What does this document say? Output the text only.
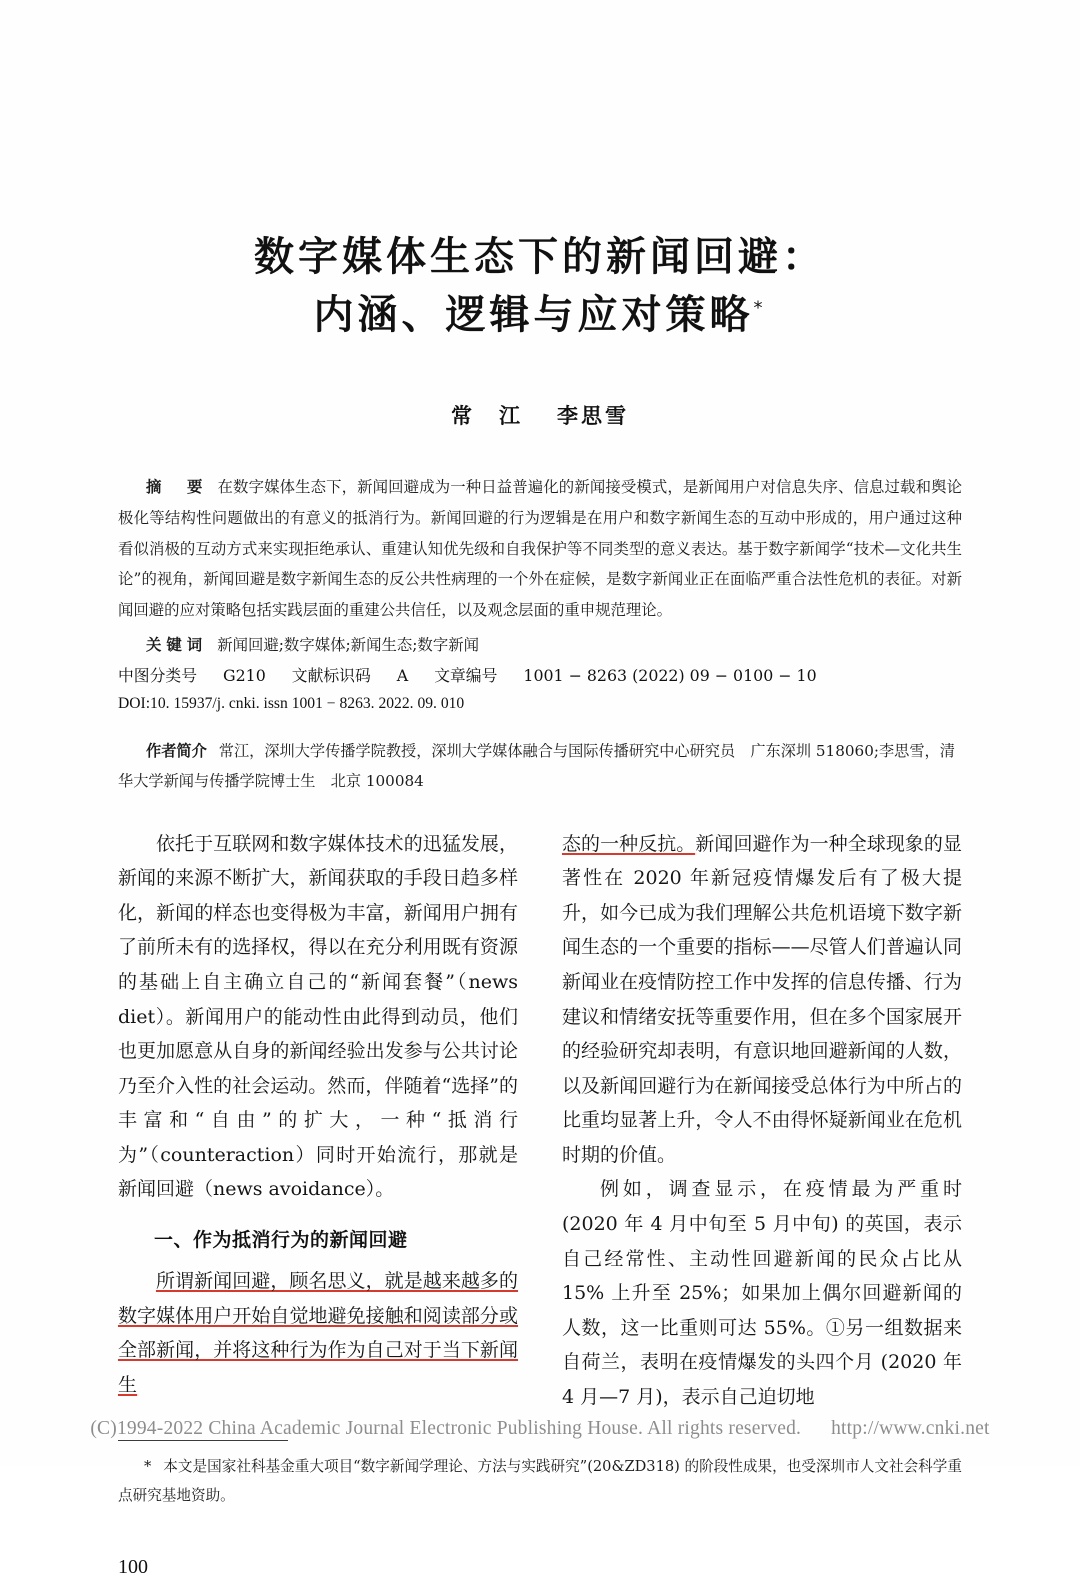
数字媒体生态下的新闻回避：
内涵、逻辑与应对策略*
常　江 李思雪
摘　要 在数字媒体生态下，新闻回避成为一种日益普遍化的新闻接受模式，是新闻用户对信息失序、信息过载和舆论极化等结构性问题做出的有意义的抵消行为。新闻回避的行为逻辑是在用户和数字新闻生态的互动中形成的，用户通过这种看似消极的互动方式来实现拒绝承认、重建认知优先级和自我保护等不同类型的意义表达。基于数字新闻学“技术—文化共生论”的视角，新闻回避是数字新闻生态的反公共性病理的一个外在症候，是数字新闻业正在面临严重合法性危机的表征。对新闻回避的应对策略包括实践层面的重建公共信任，以及观念层面的重申规范理论。
关键词 新闻回避;数字媒体;新闻生态;数字新闻
中图分类号 G210 文献标识码 A 文章编号 1001 − 8263 (2022) 09 − 0100 − 10
DOI:10. 15937/j. cnki. issn 1001 − 8263. 2022. 09. 010
作者简介 常江，深圳大学传播学院教授，深圳大学媒体融合与国际传播研究中心研究员　广东深圳 518060;李思雪，清华大学新闻与传播学院博士生　北京 100084

依托于互联网和数字媒体技术的迅猛发展，新闻的来源不断扩大，新闻获取的手段日趋多样化，新闻的样态也变得极为丰富，新闻用户拥有了前所未有的选择权，得以在充分利用既有资源的基础上自主确立自己的“新闻套餐”（news diet）。新闻用户的能动性由此得到动员，他们也更加愿意从自身的新闻经验出发参与公共讨论乃至介入性的社会运动。然而，伴随着“选择”的丰富和“自由”的扩大，一种“抵消行为”（counteraction）同时开始流行，那就是新闻回避（news avoidance）。

一、作为抵消行为的新闻回避

所谓新闻回避，顾名思义，就是越来越多的数字媒体用户开始自觉地避免接触和阅读部分或全部新闻，并将这种行为作为自己对于当下新闻生

态的一种反抗。新闻回避作为一种全球现象的显著性在 2020 年新冠疫情爆发后有了极大提升，如今已成为我们理解公共危机语境下数字新闻生态的一个重要的指标——尽管人们普遍认同新闻业在疫情防控工作中发挥的信息传播、行为建议和情绪安抚等重要作用，但在多个国家展开的经验研究却表明，有意识地回避新闻的人数，以及新闻回避行为在新闻接受总体行为中所占的比重均显著上升，令人不由得怀疑新闻业在危机时期的价值。

例如，调查显示，在疫情最为严重时 (2020 年 4 月中旬至 5 月中旬) 的英国，表示自己经常性、主动性回避新闻的民众占比从 15% 上升至 25%；如果加上偶尔回避新闻的人数，这一比重则可达 55%。①另一组数据来自荷兰，表明在疫情爆发的头四个月 (2020 年 4 月—7 月)，表示自己迫切地

* 本文是国家社科基金重大项目“数字新闻学理论、方法与实践研究”(20&ZD318) 的阶段性成果，也受深圳市人文社会科学重点研究基地资助。
100
(C)1994-2022 China Academic Journal Electronic Publishing House. All rights reserved. http://www.cnki.net
